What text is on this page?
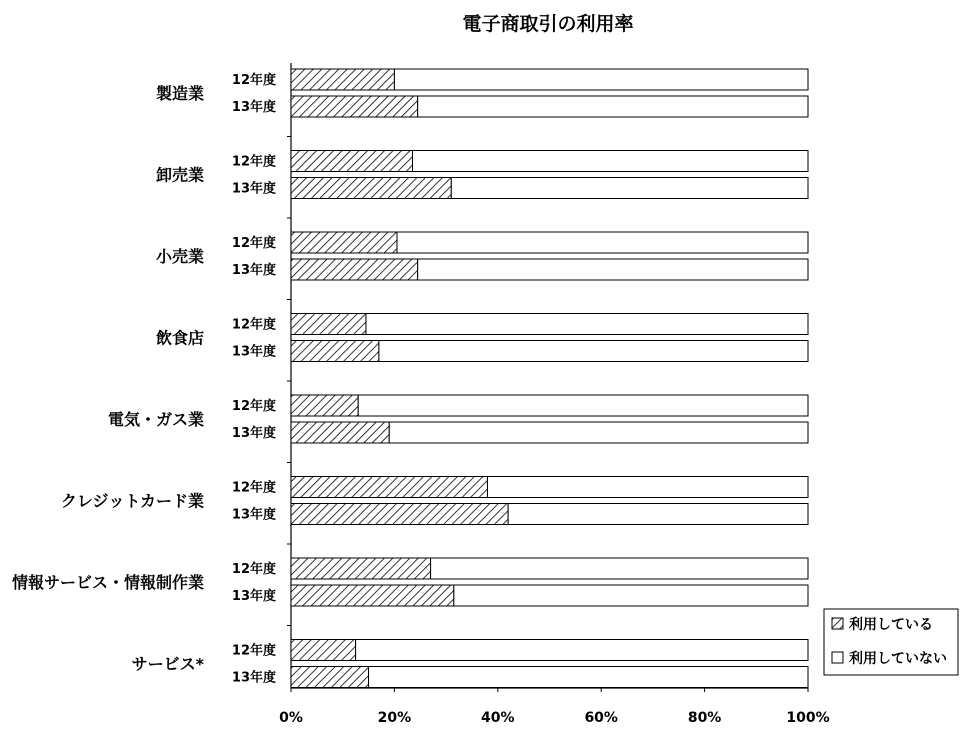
電子商取引の利用率
0%	20%	40%	60%	80%	100%
製造業
12年度
13年度
卸売業
12年度
13年度
小売業
12年度
13年度
飲食店
12年度
13年度
電気・ガス業
12年度
13年度
クレジットカード業
12年度
13年度
情報サービス・情報制作業
12年度
13年度
サービス*
12年度
13年度
利用している
利用していない
